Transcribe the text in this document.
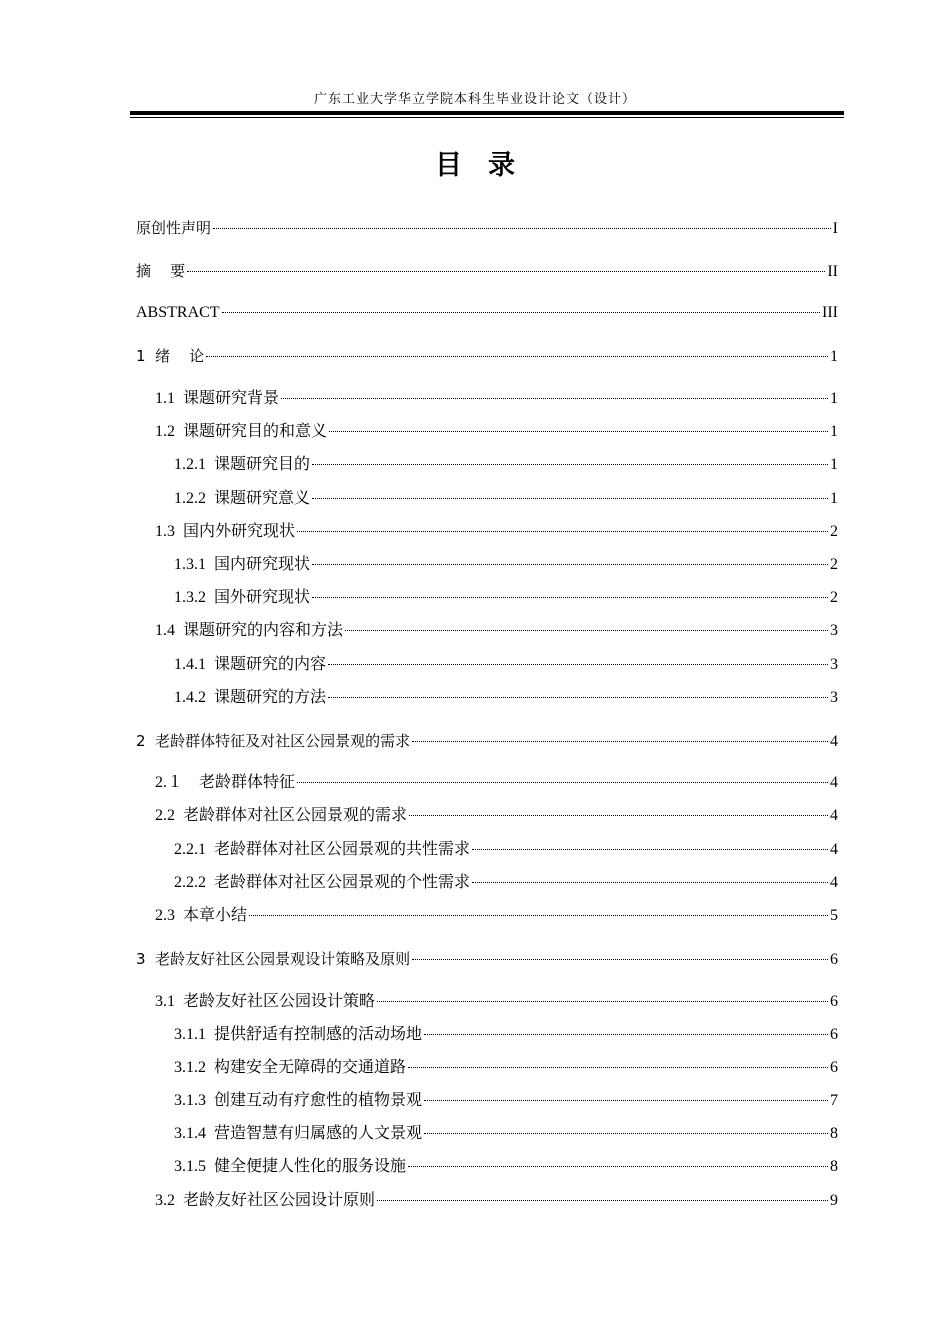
广东工业大学华立学院本科生毕业设计论文（设计）
目录
原创性声明	I
摘    要	II
ABSTRACT	III
1  绪    论	1
1.1  课题研究背景	1
1.2  课题研究目的和意义	1
1.2.1  课题研究目的	1
1.2.2  课题研究意义	1
1.3  国内外研究现状	2
1.3.1  国内研究现状	2
1.3.2  国外研究现状	2
1.4  课题研究的内容和方法	3
1.4.1  课题研究的内容	3
1.4.2  课题研究的方法	3
2  老龄群体特征及对社区公园景观的需求	4
2.１    老龄群体特征	4
2.2  老龄群体对社区公园景观的需求	4
2.2.1  老龄群体对社区公园景观的共性需求	4
2.2.2  老龄群体对社区公园景观的个性需求	4
2.3  本章小结	5
3  老龄友好社区公园景观设计策略及原则	6
3.1  老龄友好社区公园设计策略	6
3.1.1  提供舒适有控制感的活动场地	6
3.1.2  构建安全无障碍的交通道路	6
3.1.3  创建互动有疗愈性的植物景观	7
3.1.4  营造智慧有归属感的人文景观	8
3.1.5  健全便捷人性化的服务设施	8
3.2  老龄友好社区公园设计原则	9
